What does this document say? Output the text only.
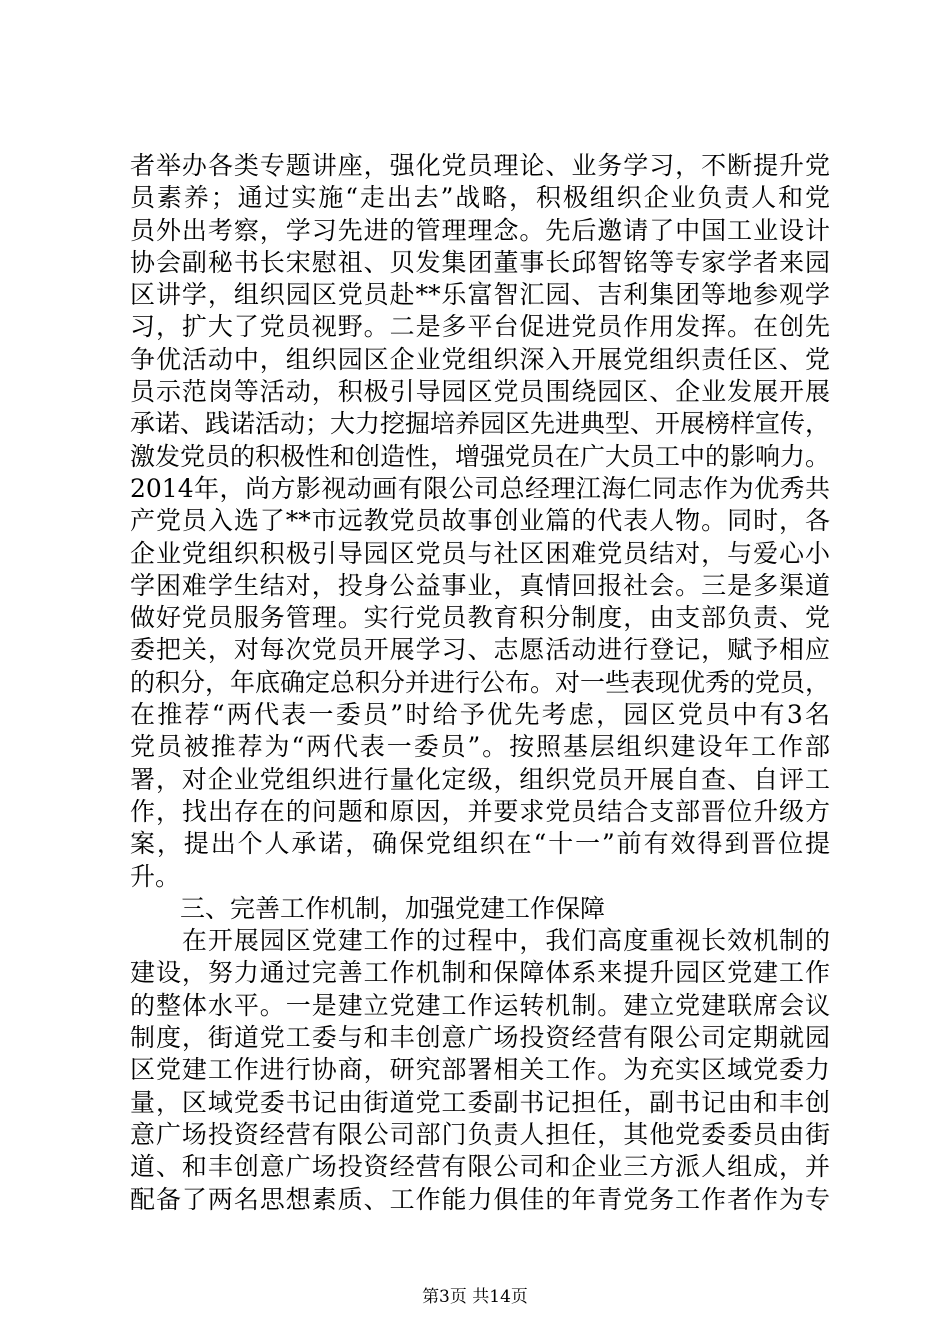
者举办各类专题讲座，强化党员理论、业务学习，不断提升党
员素养；通过实施“走出去”战略，积极组织企业负责人和党
员外出考察，学习先进的管理理念。先后邀请了中国工业设计
协会副秘书长宋慰祖、贝发集团董事长邱智铭等专家学者来园
区讲学，组织园区党员赴**乐富智汇园、吉利集团等地参观学
习，扩大了党员视野。二是多平台促进党员作用发挥。在创先
争优活动中，组织园区企业党组织深入开展党组织责任区、党
员示范岗等活动，积极引导园区党员围绕园区、企业发展开展
承诺、践诺活动；大力挖掘培养园区先进典型、开展榜样宣传，
激发党员的积极性和创造性，增强党员在广大员工中的影响力。
2014年，尚方影视动画有限公司总经理江海仁同志作为优秀共
产党员入选了**市远教党员故事创业篇的代表人物。同时，各
企业党组织积极引导园区党员与社区困难党员结对，与爱心小
学困难学生结对，投身公益事业，真情回报社会。三是多渠道
做好党员服务管理。实行党员教育积分制度，由支部负责、党
委把关，对每次党员开展学习、志愿活动进行登记，赋予相应
的积分，年底确定总积分并进行公布。对一些表现优秀的党员，
在推荐“两代表一委员”时给予优先考虑，园区党员中有3名
党员被推荐为“两代表一委员”。按照基层组织建设年工作部
署，对企业党组织进行量化定级，组织党员开展自查、自评工
作，找出存在的问题和原因，并要求党员结合支部晋位升级方
案，提出个人承诺，确保党组织在“十一”前有效得到晋位提
升。
　　三、完善工作机制，加强党建工作保障
　　在开展园区党建工作的过程中，我们高度重视长效机制的
建设，努力通过完善工作机制和保障体系来提升园区党建工作
的整体水平。一是建立党建工作运转机制。建立党建联席会议
制度，街道党工委与和丰创意广场投资经营有限公司定期就园
区党建工作进行协商，研究部署相关工作。为充实区域党委力
量，区域党委书记由街道党工委副书记担任，副书记由和丰创
意广场投资经营有限公司部门负责人担任，其他党委委员由街
道、和丰创意广场投资经营有限公司和企业三方派人组成，并
配备了两名思想素质、工作能力俱佳的年青党务工作者作为专
第3页 共14页
